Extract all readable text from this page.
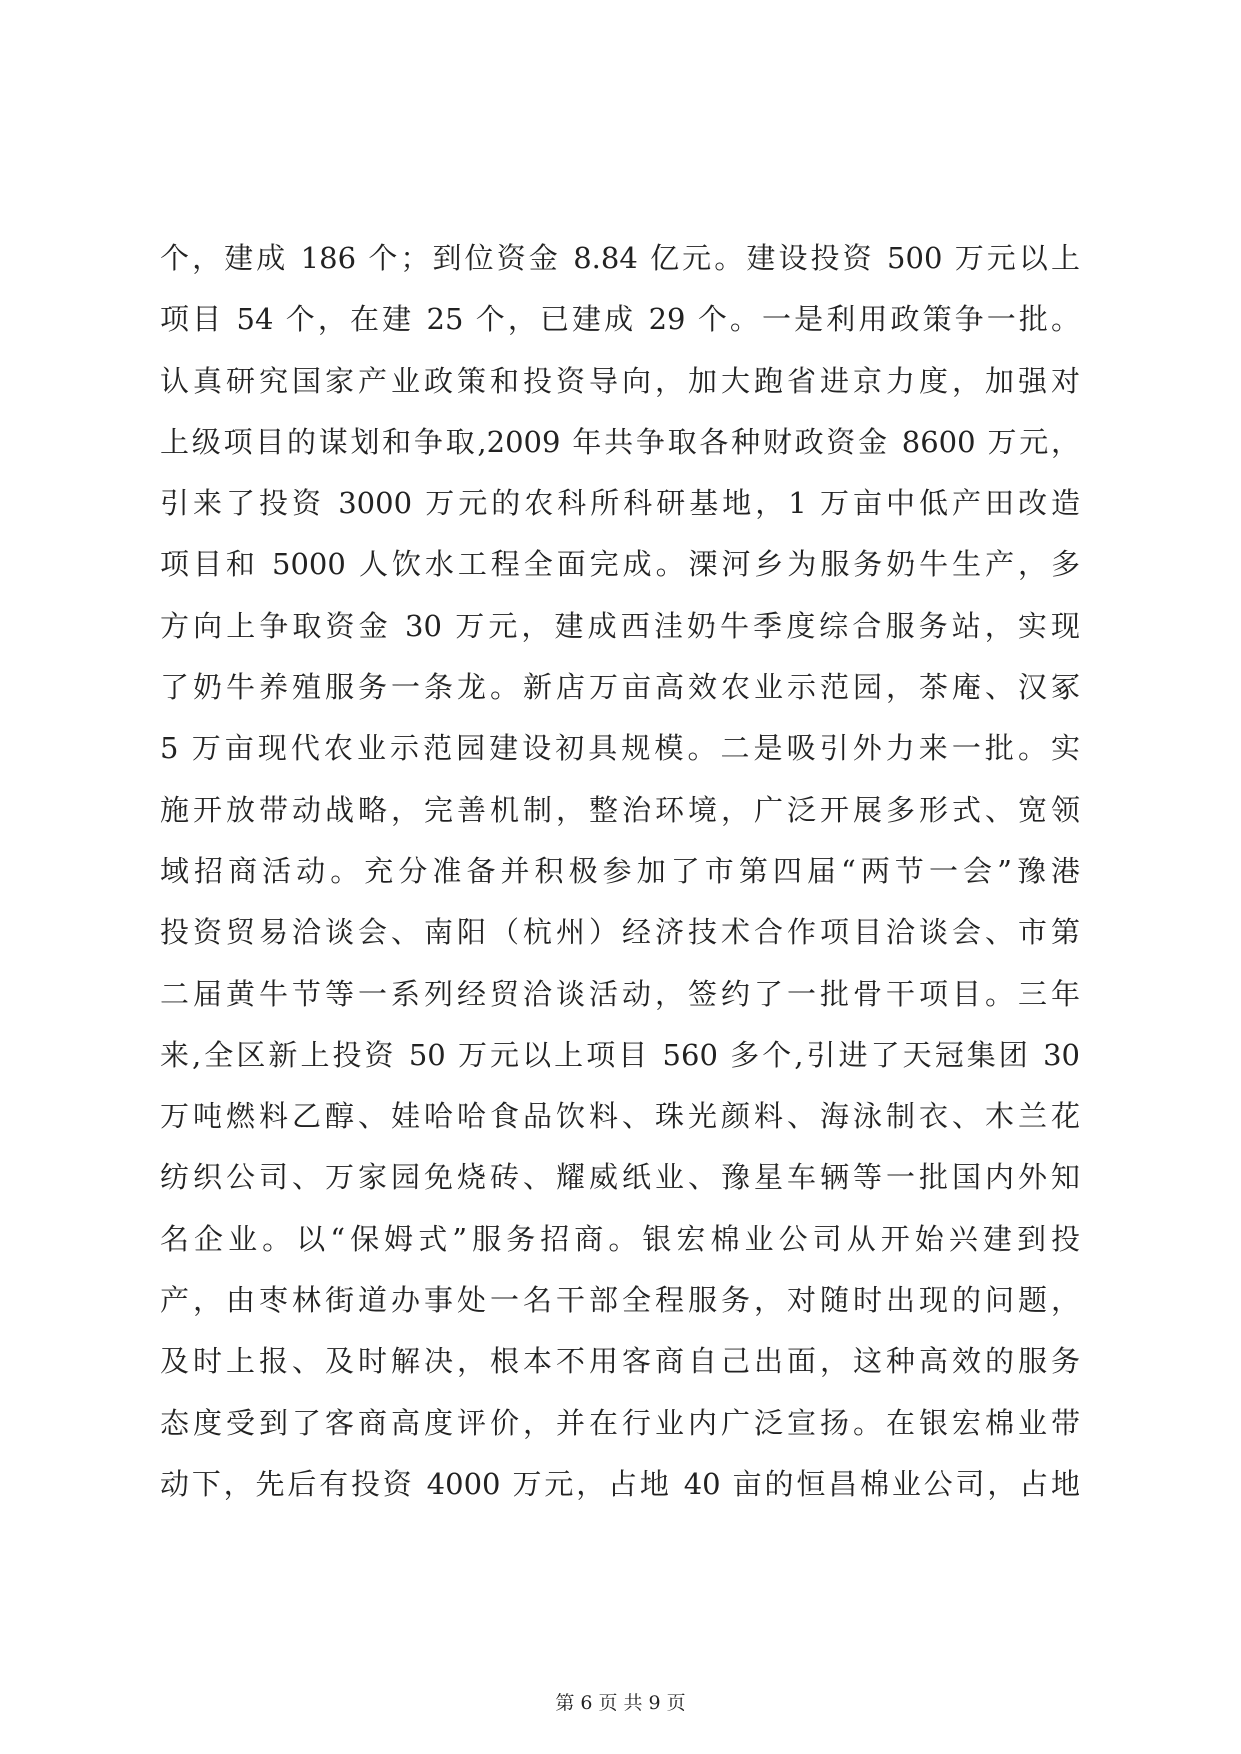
个，建成 186 个；到位资金 8.84 亿元。建设投资 500 万元以上
项目 54 个，在建 25 个，已建成 29 个。一是利用政策争一批。
认真研究国家产业政策和投资导向，加大跑省进京力度，加强对
上级项目的谋划和争取,2009 年共争取各种财政资金 8600 万元，
引来了投资 3000 万元的农科所科研基地，1 万亩中低产田改造
项目和 5000 人饮水工程全面完成。溧河乡为服务奶牛生产，多
方向上争取资金 30 万元，建成西洼奶牛季度综合服务站，实现
了奶牛养殖服务一条龙。新店万亩高效农业示范园，茶庵、汉冢
5 万亩现代农业示范园建设初具规模。二是吸引外力来一批。实
施开放带动战略，完善机制，整治环境，广泛开展多形式、宽领
域招商活动。充分准备并积极参加了市第四届“两节一会”豫港
投资贸易洽谈会、南阳（杭州）经济技术合作项目洽谈会、市第
二届黄牛节等一系列经贸洽谈活动，签约了一批骨干项目。三年
来,全区新上投资 50 万元以上项目 560 多个,引进了天冠集团 30
万吨燃料乙醇、娃哈哈食品饮料、珠光颜料、海泳制衣、木兰花
纺织公司、万家园免烧砖、耀威纸业、豫星车辆等一批国内外知
名企业。以“保姆式”服务招商。银宏棉业公司从开始兴建到投
产，由枣林街道办事处一名干部全程服务，对随时出现的问题，
及时上报、及时解决，根本不用客商自己出面，这种高效的服务
态度受到了客商高度评价，并在行业内广泛宣扬。在银宏棉业带
动下，先后有投资 4000 万元，占地 40 亩的恒昌棉业公司，占地
第 6 页 共 9 页
